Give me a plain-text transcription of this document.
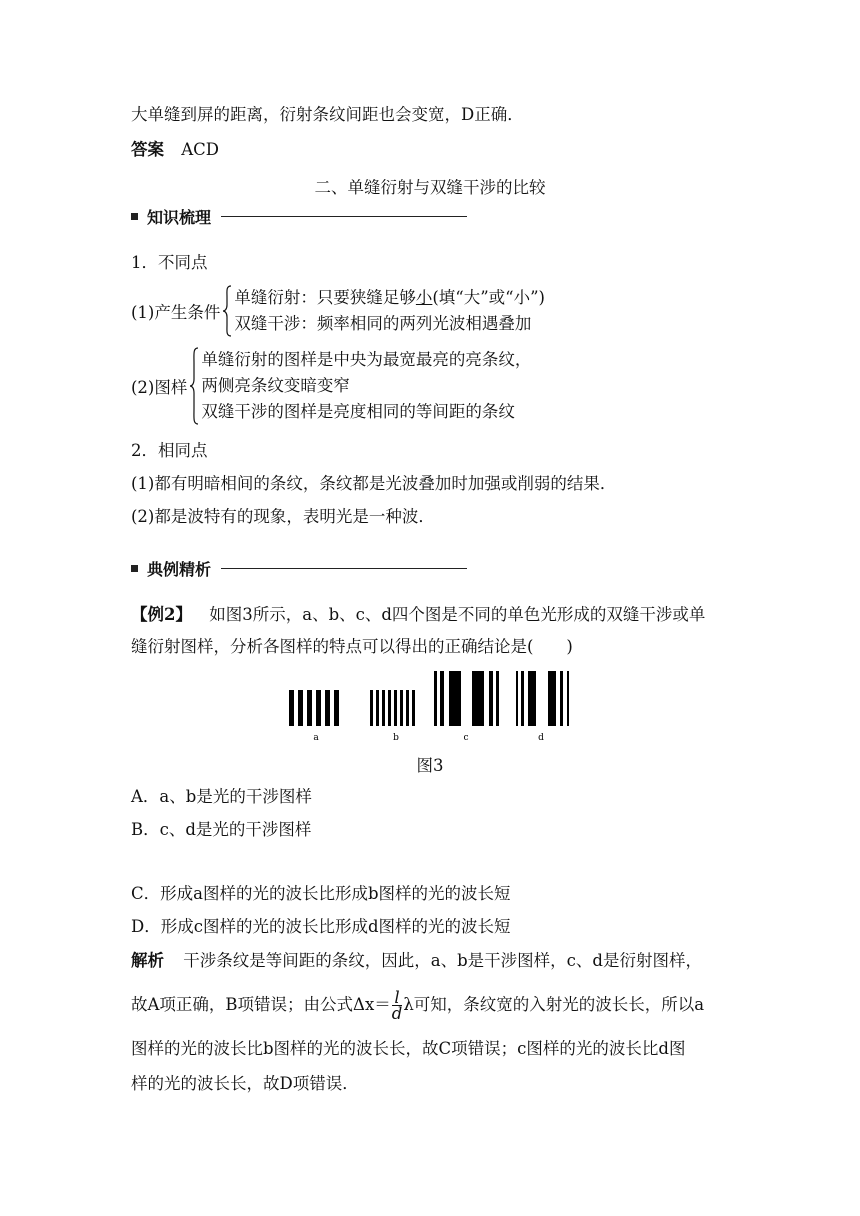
大单缝到屏的距离，衍射条纹间距也会变宽，D正确．
答案 ACD
二、单缝衍射与双缝干涉的比较
知识梳理
1．不同点
(1)产生条件
单缝衍射：只要狭缝足够小(填“大”或“小”)
双缝干涉：频率相同的两列光波相遇叠加
(2)图样
单缝衍射的图样是中央为最宽最亮的亮条纹，
两侧亮条纹变暗变窄
双缝干涉的图样是亮度相同的等间距的条纹
2．相同点
(1)都有明暗相间的条纹，条纹都是光波叠加时加强或削弱的结果．
(2)都是波特有的现象，表明光是一种波．
典例精析
【例2】 如图3所示，a、b、c、d四个图是不同的单色光形成的双缝干涉或单
缝衍射图样，分析各图样的特点可以得出的正确结论是(　　)
a	b	c	d
图3
A．a、b是光的干涉图样
B．c、d是光的干涉图样
C．形成a图样的光的波长比形成b图样的光的波长短
D．形成c图样的光的波长比形成d图样的光的波长短
解析 干涉条纹是等间距的条纹，因此，a、b是干涉图样，c、d是衍射图样，
故A项正确，B项错误；由公式$\Delta x= \frac{l}{d}$ λ可知，条纹宽的入射光的波长长，所以a
图样的光的波长比b图样的光的波长长，故C项错误；c图样的光的波长比d图
样的光的波长长，故D项错误．
